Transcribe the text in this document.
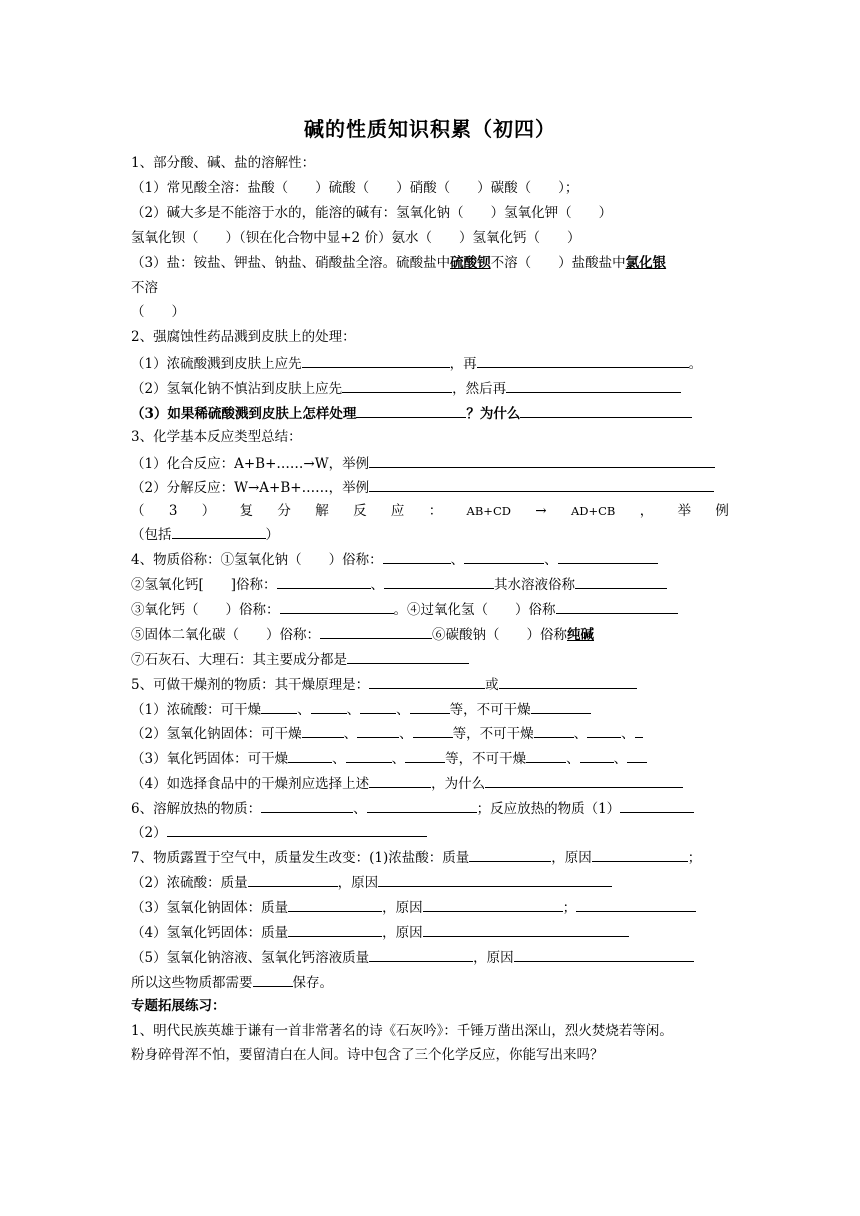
碱的性质知识积累（初四）
1、部分酸、碱、盐的溶解性：
（1）常见酸全溶：盐酸（　　）硫酸（　　）硝酸（　　）碳酸（　　）；
（2）碱大多是不能溶于水的，能溶的碱有：氢氧化钠（　　）氢氧化钾（　　）
氢氧化钡（　　）（钡在化合物中显+2 价）氨水（　　）氢氧化钙（　　）
（3）盐：铵盐、钾盐、钠盐、硝酸盐全溶。硫酸盐中硫酸钡不溶（　　）盐酸盐中氯化银
不溶
（　　）
2、强腐蚀性药品溅到皮肤上的处理：
（1）浓硫酸溅到皮肤上应先	，再	。
（2）氢氧化钠不慎沾到皮肤上应先	，然后再
（3）如果稀硫酸溅到皮肤上怎样处理	？为什么
3、化学基本反应类型总结：
（1）化合反应：A+B+……→W，举例
（2）分解反应：W→A+B+……，举例
（ 3 ） 复 分 解 反 应 ： AB+CD → AD+CB ， 举 例
（包括	）
4、物质俗称：①氢氧化钠（　　）俗称：	、	、
②氢氧化钙[　　]俗称：	、	其水溶液俗称
③氧化钙（　　）俗称：	。④过氧化氢（　　）俗称
⑤固体二氧化碳（　　）俗称：	⑥碳酸钠（　　）俗称纯碱
⑦石灰石、大理石：其主要成分都是
5、可做干燥剂的物质：其干燥原理是：	或
（1）浓硫酸：可干燥	、	、	、	等，不可干燥
（2）氢氧化钠固体：可干燥	、	、	等，不可干燥	、	、
（3）氧化钙固体：可干燥	、	、	等，不可干燥	、	、
（4）如选择食品中的干燥剂应选择上述	，为什么
6、溶解放热的物质：	、	；反应放热的物质（1）
（2）
7、物质露置于空气中，质量发生改变：(1)浓盐酸：质量	，原因	；
（2）浓硫酸：质量	，原因
（3）氢氧化钠固体：质量	，原因	；
（4）氢氧化钙固体：质量	，原因
（5）氢氧化钠溶液、氢氧化钙溶液质量	，原因
所以这些物质都需要	保存。
专题拓展练习：
1、明代民族英雄于谦有一首非常著名的诗《石灰吟》：千锤万凿出深山，烈火焚烧若等闲。
粉身碎骨浑不怕，要留清白在人间。诗中包含了三个化学反应，你能写出来吗？
